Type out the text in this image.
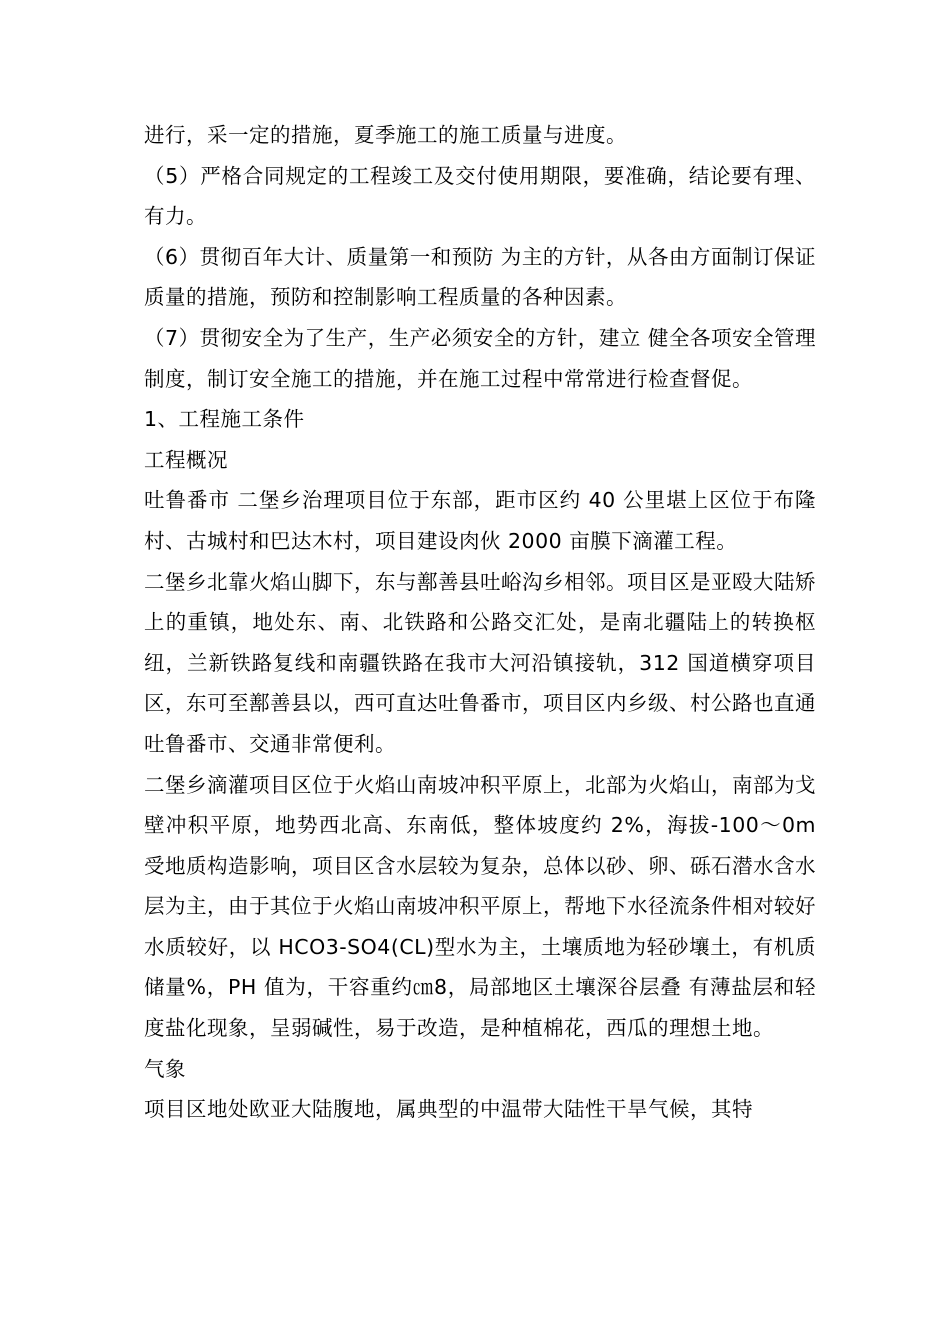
进行，采一定的措施，夏季施工的施工质量与进度。

（5）严格合同规定的工程竣工及交付使用期限，要准确，结论要有理、有力。

（6）贯彻百年大计、质量第一和预防 为主的方针，从各由方面制订保证质量的措施，预防和控制影响工程质量的各种因素。

（7）贯彻安全为了生产，生产必须安全的方针，建立 健全各项安全管理 制度，制订安全施工的措施，并在施工过程中常常进行检查督促。

1、工程施工条件

工程概况

吐鲁番市 二堡乡治理项目位于东部，距市区约 40 公里堪上区位于布隆村、古城村和巴达木村，项目建设肉伙 2000 亩膜下滴灌工程。

二堡乡北靠火焰山脚下，东与鄯善县吐峪沟乡相邻。项目区是亚殴大陆矫上的重镇，地处东、南、北铁路和公路交汇处，是南北疆陆上的转换枢纽，兰新铁路复线和南疆铁路在我市大河沿镇接轨，312 国道横穿项目区，东可至鄯善县以，西可直达吐鲁番市，项目区内乡级、村公路也直通吐鲁番市、交通非常便利。

二堡乡滴灌项目区位于火焰山南坡冲积平原上，北部为火焰山，南部为戈壁冲积平原，地势西北高、东南低，整体坡度约 2%，海拔-100～0m 受地质构造影响，项目区含水层较为复杂，总体以砂、卵、砾石潜水含水层为主，由于其位于火焰山南坡冲积平原上，帮地下水径流条件相对较好水质较好，以 HCO3-SO4(CL)型水为主，土壤质地为轻砂壤土，有机质储量%，PH 值为，干容重约㎝8，局部地区土壤深谷层叠 有薄盐层和轻度盐化现象，呈弱碱性，易于改造，是种植棉花，西瓜的理想土地。

气象

项目区地处欧亚大陆腹地，属典型的中温带大陆性干旱气候，其特
